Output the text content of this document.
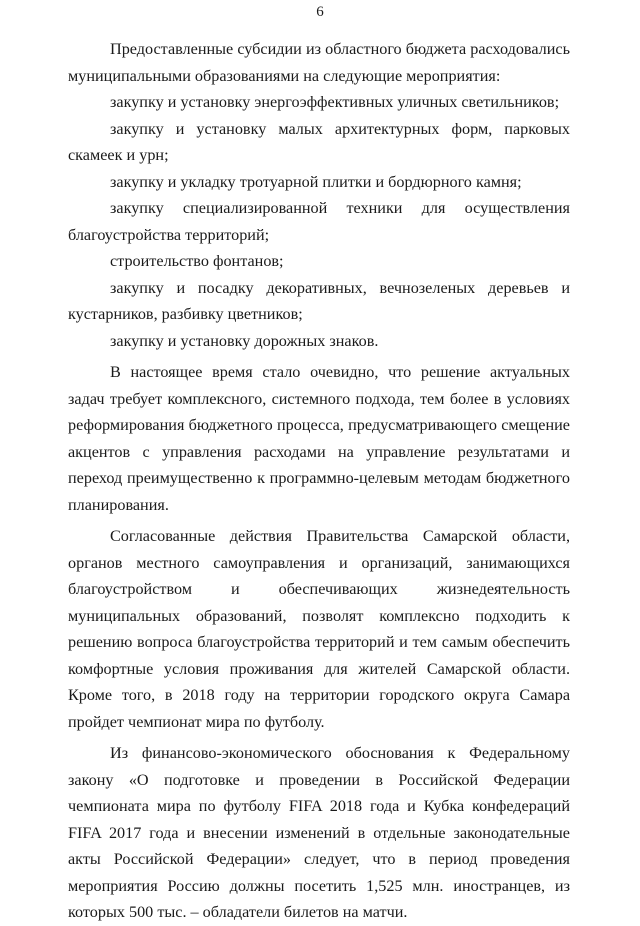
6

Предоставленные субсидии из областного бюджета расходовались муниципальными образованиями на следующие мероприятия:

закупку и установку энергоэффективных уличных светильников;

закупку и установку малых архитектурных форм, парковых скамеек и урн;

закупку и укладку тротуарной плитки и бордюрного камня;

закупку специализированной техники для осуществления благоустройства территорий;

строительство фонтанов;

закупку и посадку декоративных, вечнозеленых деревьев и кустарников, разбивку цветников;

закупку и установку дорожных знаков.

В настоящее время стало очевидно, что решение актуальных задач требует комплексного, системного подхода, тем более в условиях реформирования бюджетного процесса, предусматривающего смещение акцентов с управления расходами на управление результатами и переход преимущественно к программно-целевым методам бюджетного планирования.

Согласованные действия Правительства Самарской области, органов местного самоуправления и организаций, занимающихся благоустройством и обеспечивающих жизнедеятельность муниципальных образований, позволят комплексно подходить к решению вопроса благоустройства территорий и тем самым обеспечить комфортные условия проживания для жителей Самарской области. Кроме того, в 2018 году на территории городского округа Самара пройдет чемпионат мира по футболу.

Из финансово-экономического обоснования к Федеральному закону «О подготовке и проведении в Российской Федерации чемпионата мира по футболу FIFA 2018 года и Кубка конфедераций FIFA 2017 года и внесении изменений в отдельные законодательные акты Российской Федерации» следует, что в период проведения мероприятия Россию должны посетить 1,525 млн. иностранцев, из которых 500 тыс. – обладатели билетов на матчи.
